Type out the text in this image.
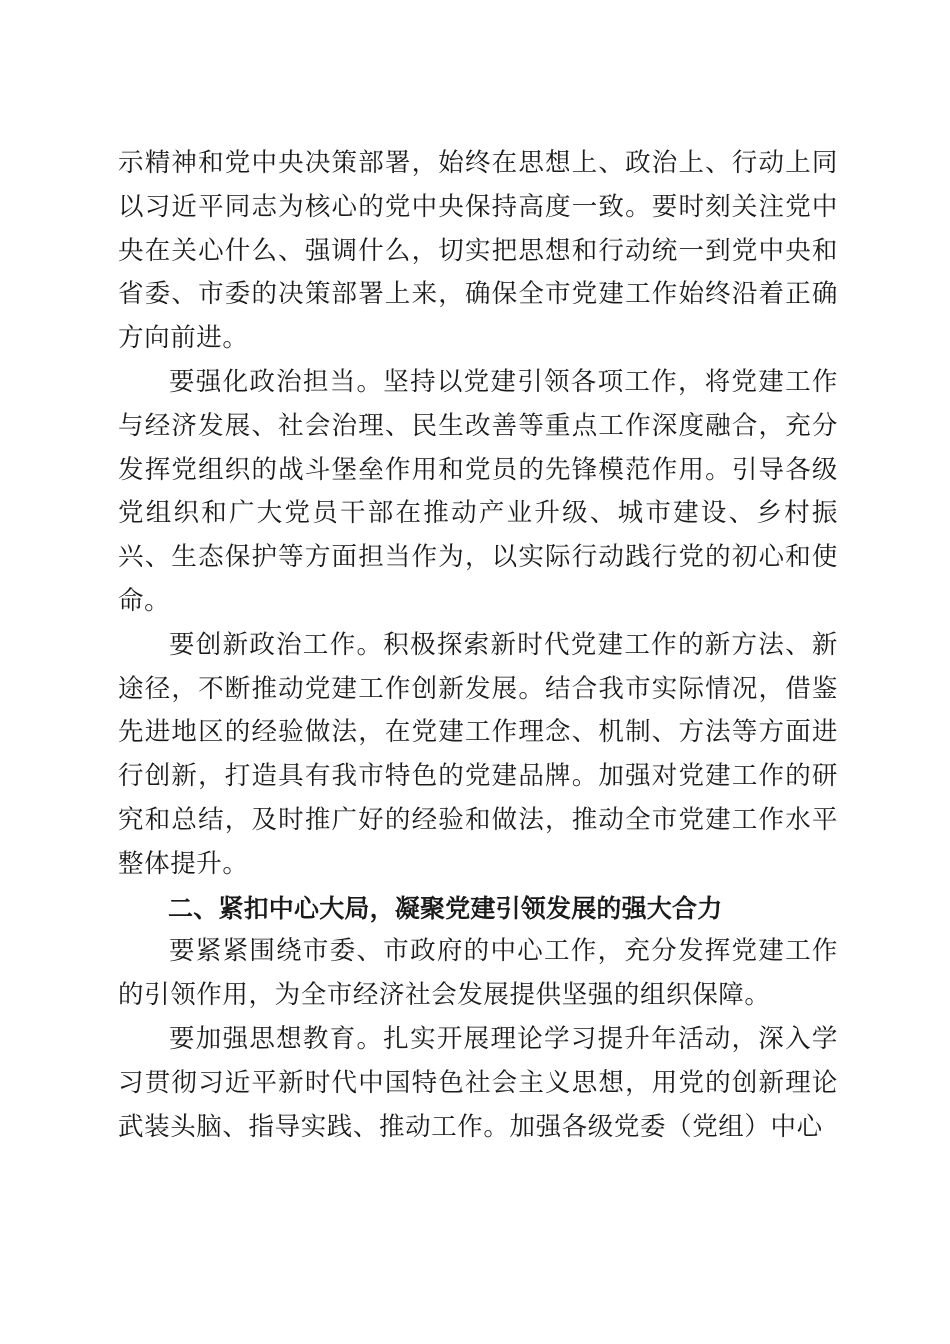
示精神和党中央决策部署，始终在思想上、政治上、行动上同以习近平同志为核心的党中央保持高度一致。要时刻关注党中央在关心什么、强调什么，切实把思想和行动统一到党中央和省委、市委的决策部署上来，确保全市党建工作始终沿着正确方向前进。

要强化政治担当。坚持以党建引领各项工作，将党建工作与经济发展、社会治理、民生改善等重点工作深度融合，充分发挥党组织的战斗堡垒作用和党员的先锋模范作用。引导各级党组织和广大党员干部在推动产业升级、城市建设、乡村振兴、生态保护等方面担当作为，以实际行动践行党的初心和使命。

要创新政治工作。积极探索新时代党建工作的新方法、新途径，不断推动党建工作创新发展。结合我市实际情况，借鉴先进地区的经验做法，在党建工作理念、机制、方法等方面进行创新，打造具有我市特色的党建品牌。加强对党建工作的研究和总结，及时推广好的经验和做法，推动全市党建工作水平整体提升。

二、紧扣中心大局，凝聚党建引领发展的强大合力

要紧紧围绕市委、市政府的中心工作，充分发挥党建工作的引领作用，为全市经济社会发展提供坚强的组织保障。

要加强思想教育。扎实开展理论学习提升年活动，深入学习贯彻习近平新时代中国特色社会主义思想，用党的创新理论武装头脑、指导实践、推动工作。加强各级党委（党组）中心
